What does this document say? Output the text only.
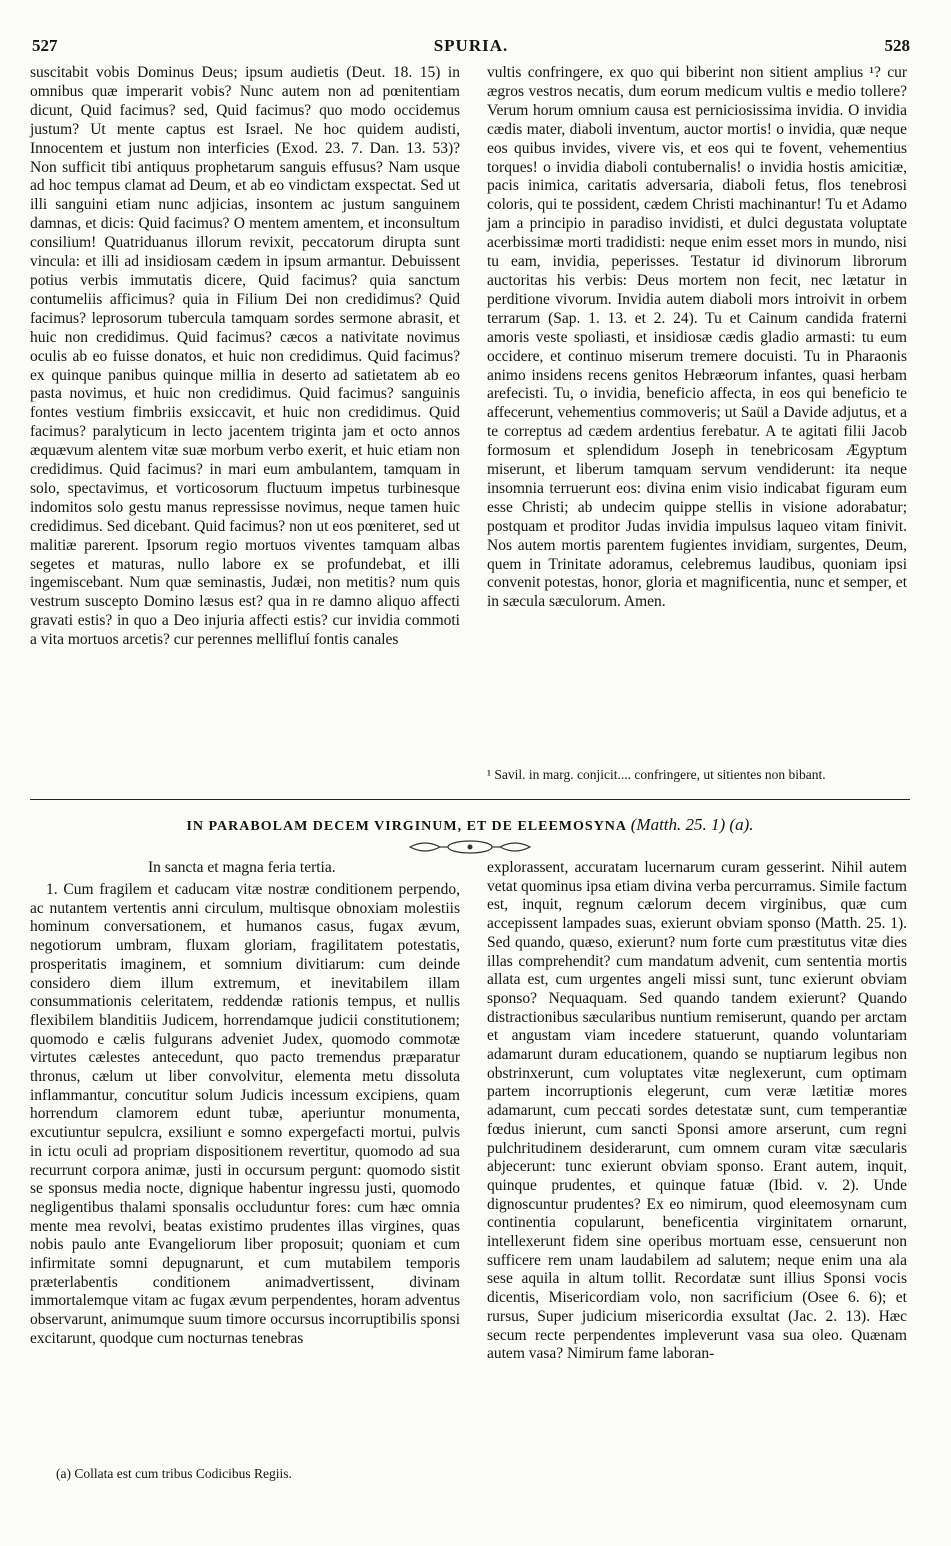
527	SPURIA.	528

suscitabit vobis Dominus Deus; ipsum audietis (Deut. 18. 15) in omnibus quæ imperarit vobis? Nunc autem non ad pœnitentiam dicunt, Quid facimus? sed, Quid facimus? quo modo occidemus justum? Ut mente captus est Israel. Ne hoc quidem audisti, Innocentem et justum non interficies (Exod. 23. 7. Dan. 13. 53)? Non sufficit tibi antiquus prophetarum sanguis effusus? Nam usque ad hoc tempus clamat ad Deum, et ab eo vindictam exspectat. Sed ut illi sanguini etiam nunc adjicias, insontem ac justum sanguinem damnas, et dicis: Quid facimus? O mentem amentem, et inconsultum consilium! Quatriduanus illorum revixit, peccatorum dirupta sunt vincula: et illi ad insidiosam cædem in ipsum armantur. Debuissent potius verbis immutatis dicere, Quid facimus? quia sanctum contumeliis afficimus? quia in Filium Dei non credidimus? Quid facimus? leprosorum tubercula tamquam sordes sermone abrasit, et huic non credidimus. Quid facimus? cæcos a nativitate novimus oculis ab eo fuisse donatos, et huic non credidimus. Quid facimus? ex quinque panibus quinque millia in deserto ad satietatem ab eo pasta novimus, et huic non credidimus. Quid facimus? sanguinis fontes vestium fimbriis exsiccavit, et huic non credidimus. Quid facimus? paralyticum in lecto jacentem triginta jam et octo annos æquævum alentem vitæ suæ morbum verbo exerit, et huic etiam non credidimus. Quid facimus? in mari eum ambulantem, tamquam in solo, spectavimus, et vorticosorum fluctuum impetus turbinesque indomitos solo gestu manus repressisse novimus, neque tamen huic credidimus. Sed dicebant. Quid facimus? non ut eos pœniteret, sed ut malitiæ parerent. Ipsorum regio mortuos viventes tamquam albas segetes et maturas, nullo labore ex se profundebat, et illi ingemiscebant. Num quæ seminastis, Judæi, non metitis? num quis vestrum suscepto Domino læsus est? qua in re damno aliquo affecti gravati estis? in quo a Deo injuria affecti estis? cur invidia commoti a vita mortuos arcetis? cur perennes mellifluí fontis canales

vultis confringere, ex quo qui biberint non sitient amplius ¹? cur ægros vestros necatis, dum eorum medicum vultis e medio tollere? Verum horum omnium causa est perniciosissima invidia. O invidia cædis mater, diaboli inventum, auctor mortis! o invidia, quæ neque eos quibus invides, vivere vis, et eos qui te fovent, vehementius torques! o invidia diaboli contubernalis! o invidia hostis amicitiæ, pacis inimica, caritatis adversaria, diaboli fetus, flos tenebrosi coloris, qui te possident, cædem Christi machinantur! Tu et Adamo jam a principio in paradiso invidisti, et dulci degustata voluptate acerbissimæ morti tradidisti: neque enim esset mors in mundo, nisi tu eam, invidia, peperisses. Testatur id divinorum librorum auctoritas his verbis: Deus mortem non fecit, nec lætatur in perditione vivorum. Invidia autem diaboli mors introivit in orbem terrarum (Sap. 1. 13. et 2. 24). Tu et Cainum candida fraterni amoris veste spoliasti, et insidiosæ cædis gladio armasti: tu eum occidere, et continuo miserum tremere docuisti. Tu in Pharaonis animo insidens recens genitos Hebræorum infantes, quasi herbam arefecisti. Tu, o invidia, beneficio affecta, in eos qui beneficio te affecerunt, vehementius commoveris; ut Saül a Davide adjutus, et a te correptus ad cædem ardentius ferebatur. A te agitati filii Jacob formosum et splendidum Joseph in tenebricosam Ægyptum miserunt, et liberum tamquam servum vendiderunt: ita neque insomnia terruerunt eos: divina enim visio indicabat figuram eum esse Christi; ab undecim quippe stellis in visione adorabatur; postquam et proditor Judas invidia impulsus laqueo vitam finivit. Nos autem mortis parentem fugientes invidiam, surgentes, Deum, quem in Trinitate adoramus, celebremus laudibus, quoniam ipsi convenit potestas, honor, gloria et magnificentia, nunc et semper, et in sæcula sæculorum. Amen.

¹ Savil. in marg. conjicit.... confringere, ut sitientes non bibant.
IN PARABOLAM DECEM VIRGINUM, ET DE ELEEMOSYNA (Matth. 25. 1) (a).
In sancta et magna feria tertia.

1. Cum fragilem et caducam vitæ nostræ conditionem perpendo, ac nutantem vertentis anni circulum, multisque obnoxiam molestiis hominum conversationem, et humanos casus, fugax ævum, negotiorum umbram, fluxam gloriam, fragilitatem potestatis, prosperitatis imaginem, et somnium divitiarum: cum deinde considero diem illum extremum, et inevitabilem illam consummationis celeritatem, reddendæ rationis tempus, et nullis flexibilem blanditiis Judicem, horrendamque judicii constitutionem; quomodo e cælis fulgurans adveniet Judex, quomodo commotæ virtutes cælestes antecedunt, quo pacto tremendus præparatur thronus, cælum ut liber convolvitur, elementa metu dissoluta inflammantur, concutitur solum Judicis incessum excipiens, quam horrendum clamorem edunt tubæ, aperiuntur monumenta, excutiuntur sepulcra, exsiliunt e somno expergefacti mortui, pulvis in ictu oculi ad propriam dispositionem revertitur, quomodo ad sua recurrunt corpora animæ, justi in occursum pergunt: quomodo sistit se sponsus media nocte, dignique habentur ingressu justi, quomodo negligentibus thalami sponsalis occluduntur fores: cum hæc omnia mente mea revolvi, beatas existimo prudentes illas virgines, quas nobis paulo ante Evangeliorum liber proposuit; quoniam et cum infirmitate somni depugnarunt, et cum mutabilem temporis præterlabentis conditionem animadvertissent, divinam immortalemque vitam ac fugax ævum perpendentes, horam adventus observarunt, animumque suum timore occursus incorruptibilis sponsi excitarunt, quodque cum nocturnas tenebras

explorassent, accuratam lucernarum curam gesserint. Nihil autem vetat quominus ipsa etiam divina verba percurramus. Simile factum est, inquit, regnum cælorum decem virginibus, quæ cum accepissent lampades suas, exierunt obviam sponso (Matth. 25. 1). Sed quando, quæso, exierunt? num forte cum præstitutus vitæ dies illas comprehendit? cum mandatum advenit, cum sententia mortis allata est, cum urgentes angeli missi sunt, tunc exierunt obviam sponso? Nequaquam. Sed quando tandem exierunt? Quando distractionibus sæcularibus nuntium remiserunt, quando per arctam et angustam viam incedere statuerunt, quando voluntariam adamarunt duram educationem, quando se nuptiarum legibus non obstrinxerunt, cum voluptates vitæ neglexerunt, cum optimam partem incorruptionis elegerunt, cum veræ lætitiæ mores adamarunt, cum peccati sordes detestatæ sunt, cum temperantiæ fœdus inierunt, cum sancti Sponsi amore arserunt, cum regni pulchritudinem desiderarunt, cum omnem curam vitæ sæcularis abjecerunt: tunc exierunt obviam sponso. Erant autem, inquit, quinque prudentes, et quinque fatuæ (Ibid. v. 2). Unde dignoscuntur prudentes? Ex eo nimirum, quod eleemosynam cum continentia copularunt, beneficentia virginitatem ornarunt, intellexerunt fidem sine operibus mortuam esse, censuerunt non sufficere rem unam laudabilem ad salutem; neque enim una ala sese aquila in altum tollit. Recordatæ sunt illius Sponsi vocis dicentis, Misericordiam volo, non sacrificium (Osee 6. 6); et rursus, Super judicium misericordia exsultat (Jac. 2. 13). Hæc secum recte perpendentes impleverunt vasa sua oleo. Quænam autem vasa? Nimirum fame laboran-

(a) Collata est cum tribus Codicibus Regiis.
